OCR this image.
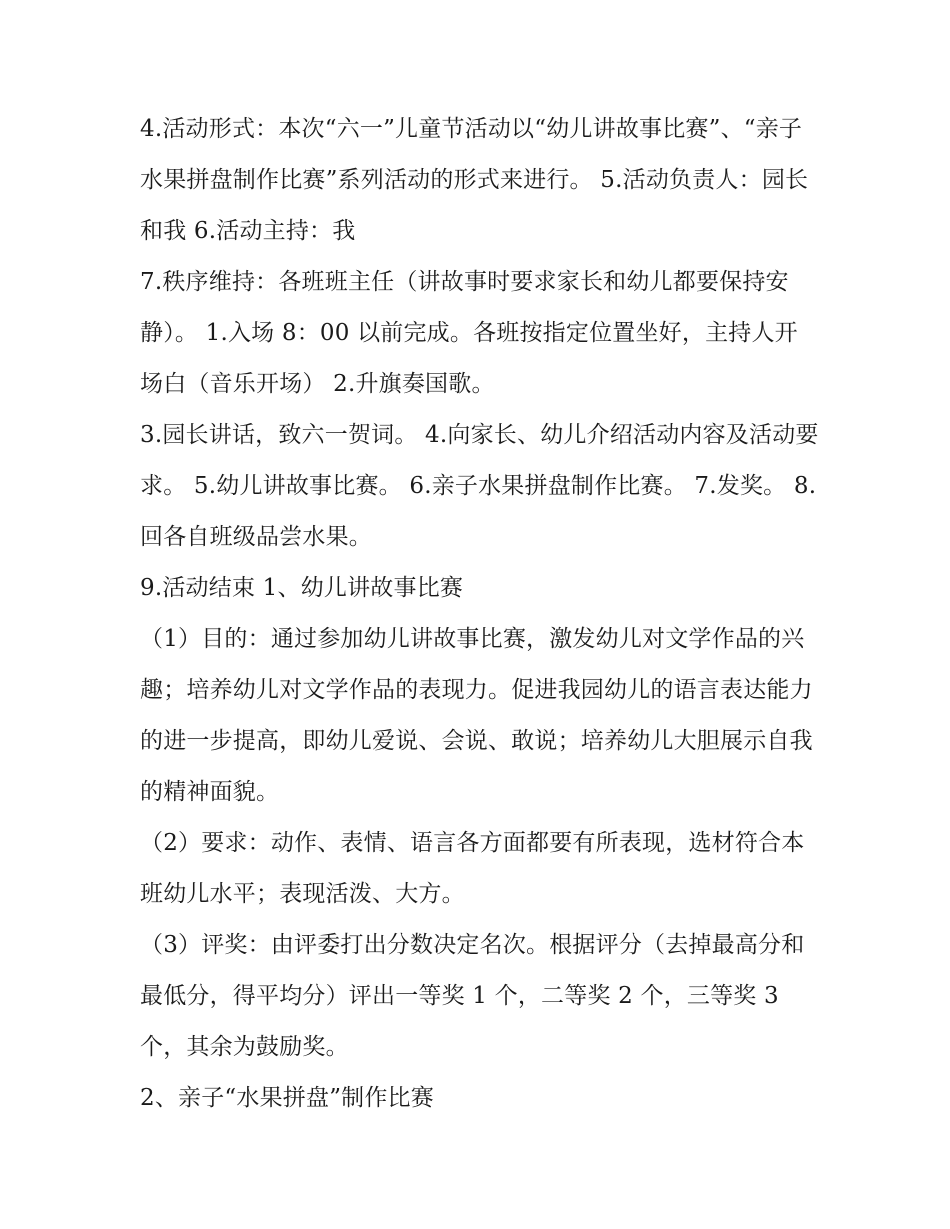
4.活动形式：本次“六一”儿童节活动以“幼儿讲故事比赛”、“亲子水果拼盘制作比赛”系列活动的形式来进行。 5.活动负责人：园长和我 6.活动主持：我

7.秩序维持：各班班主任（讲故事时要求家长和幼儿都要保持安静）。 1.入场 8：00 以前完成。各班按指定位置坐好，主持人开场白（音乐开场） 2.升旗奏国歌。

3.园长讲话，致六一贺词。 4.向家长、幼儿介绍活动内容及活动要求。 5.幼儿讲故事比赛。 6.亲子水果拼盘制作比赛。 7.发奖。 8.回各自班级品尝水果。

9.活动结束 1、幼儿讲故事比赛

（1）目的：通过参加幼儿讲故事比赛，激发幼儿对文学作品的兴趣；培养幼儿对文学作品的表现力。促进我园幼儿的语言表达能力的进一步提高，即幼儿爱说、会说、敢说；培养幼儿大胆展示自我的精神面貌。

（2）要求：动作、表情、语言各方面都要有所表现，选材符合本班幼儿水平；表现活泼、大方。

（3）评奖：由评委打出分数决定名次。根据评分（去掉最高分和最低分，得平均分）评出一等奖 1 个，二等奖 2 个，三等奖 3 个，其余为鼓励奖。

2、亲子“水果拼盘”制作比赛
